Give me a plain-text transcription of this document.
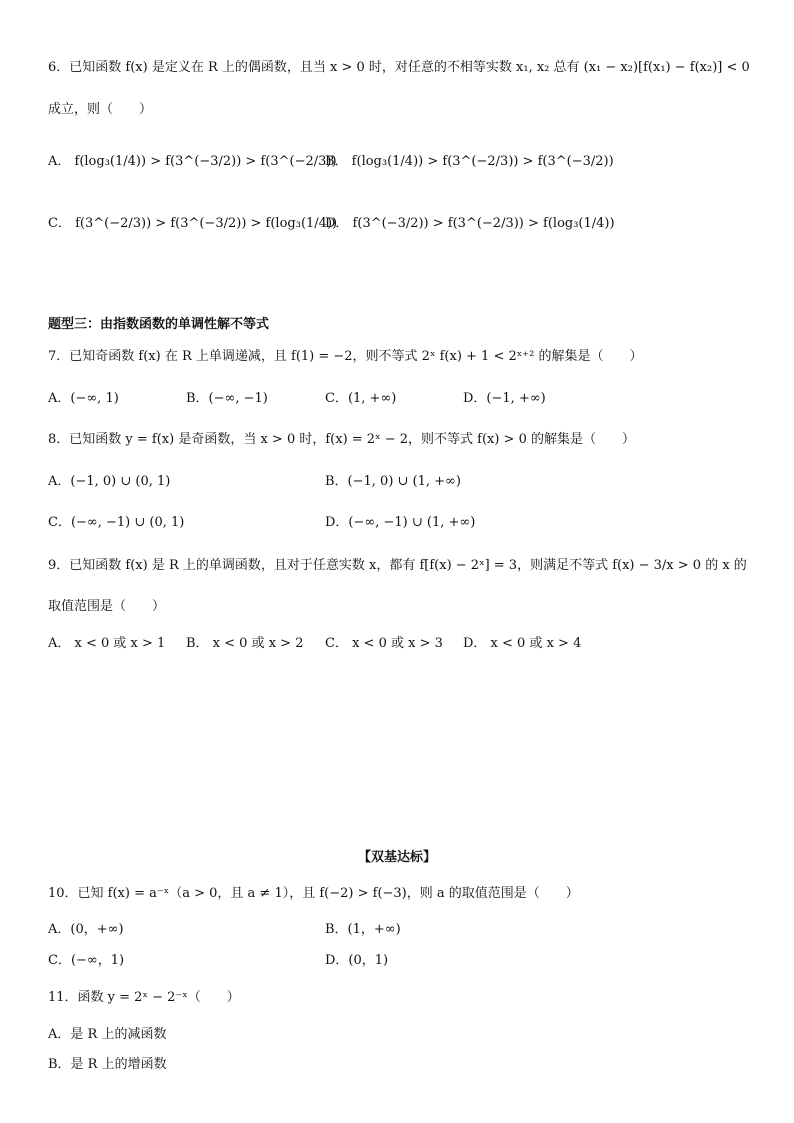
6．已知函数 f(x) 是定义在 R 上的偶函数，且当 x > 0 时，对任意的不相等实数 x₁, x₂ 总有 (x₁ − x₂)[f(x₁) − f(x₂)] < 0
成立，则（　　）
A． f(log₃(1/4)) > f(3^(−3/2)) > f(3^(−2/3))
B． f(log₃(1/4)) > f(3^(−2/3)) > f(3^(−3/2))
C． f(3^(−2/3)) > f(3^(−3/2)) > f(log₃(1/4))
D． f(3^(−3/2)) > f(3^(−2/3)) > f(log₃(1/4))
题型三：由指数函数的单调性解不等式
7．已知奇函数 f(x) 在 R 上单调递减，且 f(1) = −2，则不等式 2ˣ f(x) + 1 < 2ˣ⁺² 的解集是（　　）
A．(−∞, 1)	B．(−∞, −1)	C．(1, +∞)	D．(−1, +∞)
8．已知函数 y = f(x) 是奇函数，当 x > 0 时，f(x) = 2ˣ − 2，则不等式 f(x) > 0 的解集是（　　）
A．(−1, 0) ∪ (0, 1)	B．(−1, 0) ∪ (1, +∞)
C．(−∞, −1) ∪ (0, 1)	D．(−∞, −1) ∪ (1, +∞)
9．已知函数 f(x) 是 R 上的单调函数，且对于任意实数 x，都有 f[f(x) − 2ˣ] = 3，则满足不等式 f(x) − 3/x > 0 的 x 的
取值范围是（　　）
A． x < 0 或 x > 1 B． x < 0 或 x > 2 C． x < 0 或 x > 3 D． x < 0 或 x > 4
【双基达标】
10．已知 f(x) = a⁻ˣ（a > 0，且 a ≠ 1），且 f(−2) > f(−3)，则 a 的取值范围是（　　）
A．(0，+∞)	B．(1，+∞)
C．(−∞，1)	D．(0，1)
11．函数 y = 2ˣ − 2⁻ˣ（　　）
A．是 R 上的减函数
B．是 R 上的增函数
